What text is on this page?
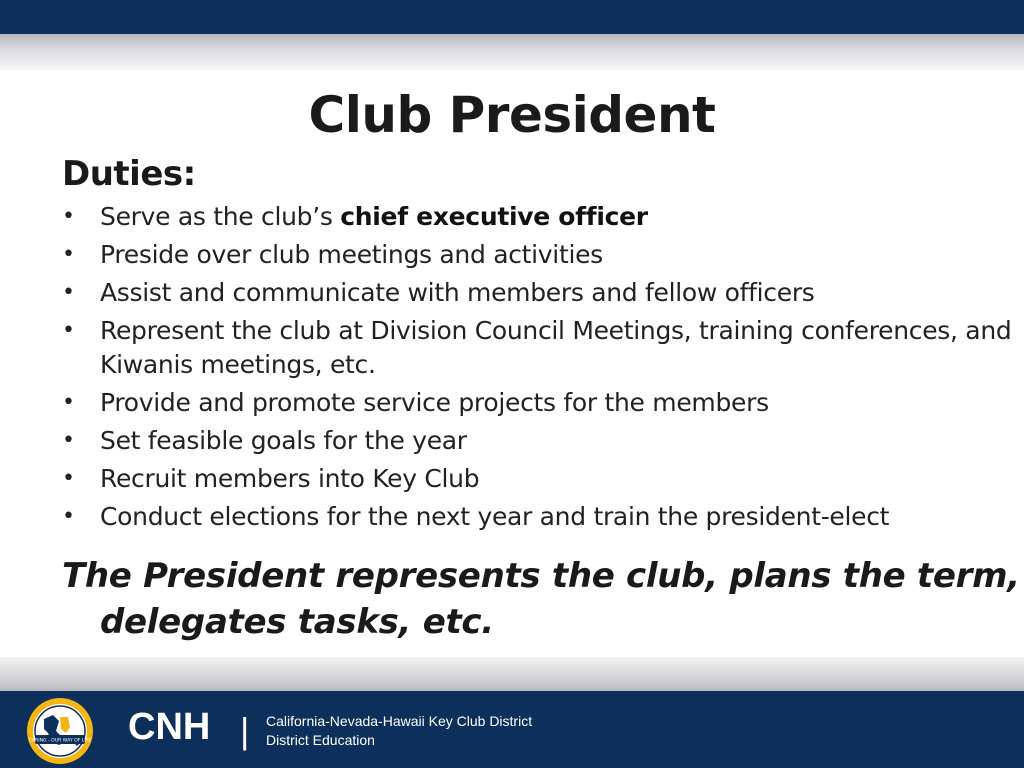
Club President
Duties:
• Serve as the club’s chief executive officer
• Preside over club meetings and activities
• Assist and communicate with members and fellow officers
• Represent the club at Division Council Meetings, training conferences, and Kiwanis meetings, etc.
• Provide and promote service projects for the members
• Set feasible goals for the year
• Recruit members into Key Club
• Conduct elections for the next year and train the president-elect
The President represents the club, plans the term, delegates tasks, etc.
CARING - OUR WAY OF LIFE CNH | California-Nevada-Hawaii Key Club District
District Education
